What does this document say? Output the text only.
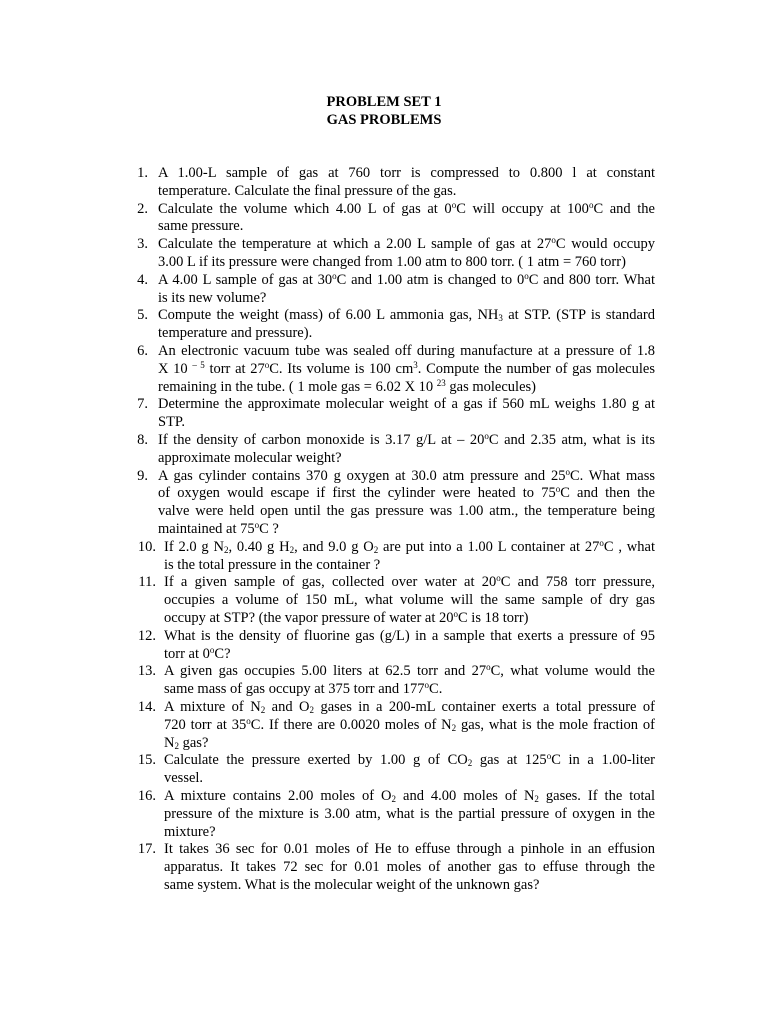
PROBLEM SET 1
GAS PROBLEMS
1. A 1.00-L sample of gas at 760 torr is compressed to 0.800 l at constant
temperature. Calculate the final pressure of the gas.
2. Calculate the volume which 4.00 L of gas at 0$^o$C will occupy at 100$^o$C and the
same pressure.
3. Calculate the temperature at which a 2.00 L sample of gas at 27$^o$C would occupy
3.00 L if its pressure were changed from 1.00 atm to 800 torr. ( 1 atm = 760 torr)
4. A 4.00 L sample of gas at 30$^o$C and 1.00 atm is changed to 0$^o$C and 800 torr. What
is its new volume?
5. Compute the weight (mass) of 6.00 L ammonia gas, $NH_3$ at STP. (STP is standard
temperature and pressure).
6. An electronic vacuum tube was sealed off during manufacture at a pressure of 1.8
X 10 $^{- 5}$ torr at 27$^o$C. Its volume is 100 $cm^3$. Compute the number of gas molecules
remaining in the tube. ( 1 mole gas = 6.02 X 10 $^{23}$ gas molecules)
7. Determine the approximate molecular weight of a gas if 560 mL weighs 1.80 g at
STP.
8. If the density of carbon monoxide is 3.17 g/L at – 20$^o$C and 2.35 atm, what is its
approximate molecular weight?
9. A gas cylinder contains 370 g oxygen at 30.0 atm pressure and 25$^o$C. What mass
of oxygen would escape if first the cylinder were heated to 75$^o$C and then the
valve were held open until the gas pressure was 1.00 atm., the temperature being
maintained at 75$^o$C ?
10. If 2.0 g $N_2$, 0.40 g $H_2$, and 9.0 g $O_2$ are put into a 1.00 L container at 27$^o$C , what
is the total pressure in the container ?
11. If a given sample of gas, collected over water at 20$^o$C and 758 torr pressure,
occupies a volume of 150 mL, what volume will the same sample of dry gas
occupy at STP? (the vapor pressure of water at 20$^o$C is 18 torr)
12. What is the density of fluorine gas (g/L) in a sample that exerts a pressure of 95
torr at 0$^o$C?
13. A given gas occupies 5.00 liters at 62.5 torr and 27$^o$C, what volume would the
same mass of gas occupy at 375 torr and 177$^o$C.
14. A mixture of $N_2$ and $O_2$ gases in a 200-mL container exerts a total pressure of
720 torr at 35$^o$C. If there are 0.0020 moles of $N_2$ gas, what is the mole fraction of
$N_2$ gas?
15. Calculate the pressure exerted by 1.00 g of $CO_2$ gas at 125$^o$C in a 1.00-liter
vessel.
16. A mixture contains 2.00 moles of $O_2$ and 4.00 moles of $N_2$ gases. If the total
pressure of the mixture is 3.00 atm, what is the partial pressure of oxygen in the
mixture?
17. It takes 36 sec for 0.01 moles of He to effuse through a pinhole in an effusion
apparatus. It takes 72 sec for 0.01 moles of another gas to effuse through the
same system. What is the molecular weight of the unknown gas?
